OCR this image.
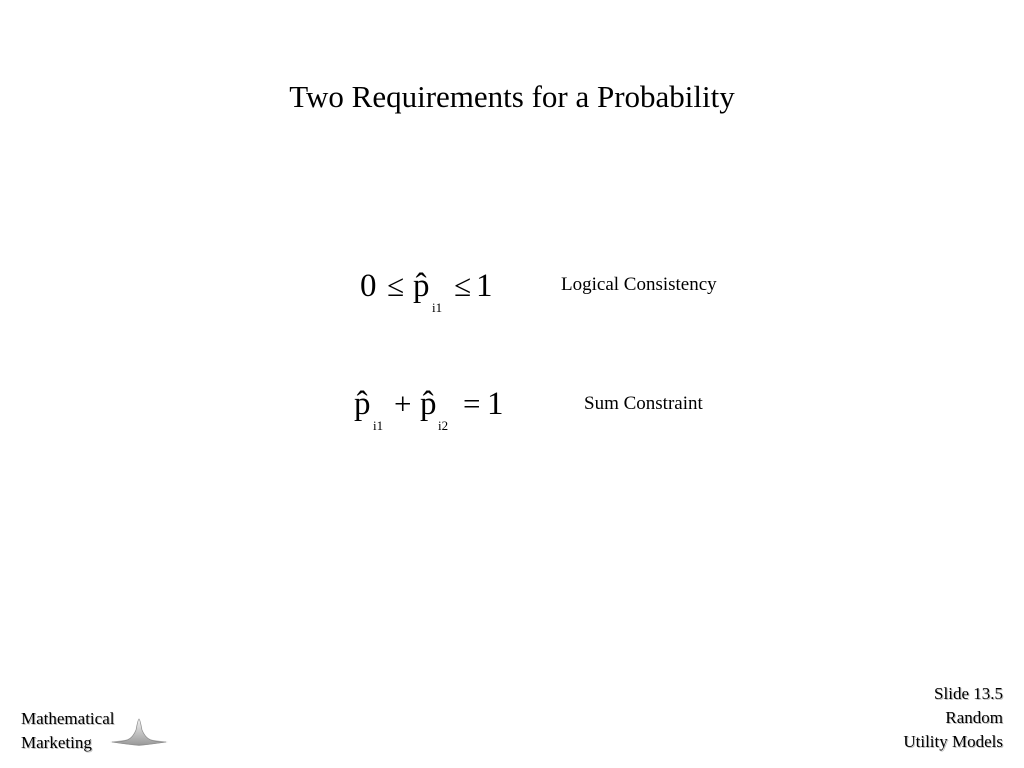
Two Requirements for a Probability
0 ≤ p̂
i1
≤ 1	Logical Consistency
p̂
i1
+ p̂
i2
= 1	Sum Constraint
Mathematical
Marketing
Slide 13.5
Random
Utility Models
